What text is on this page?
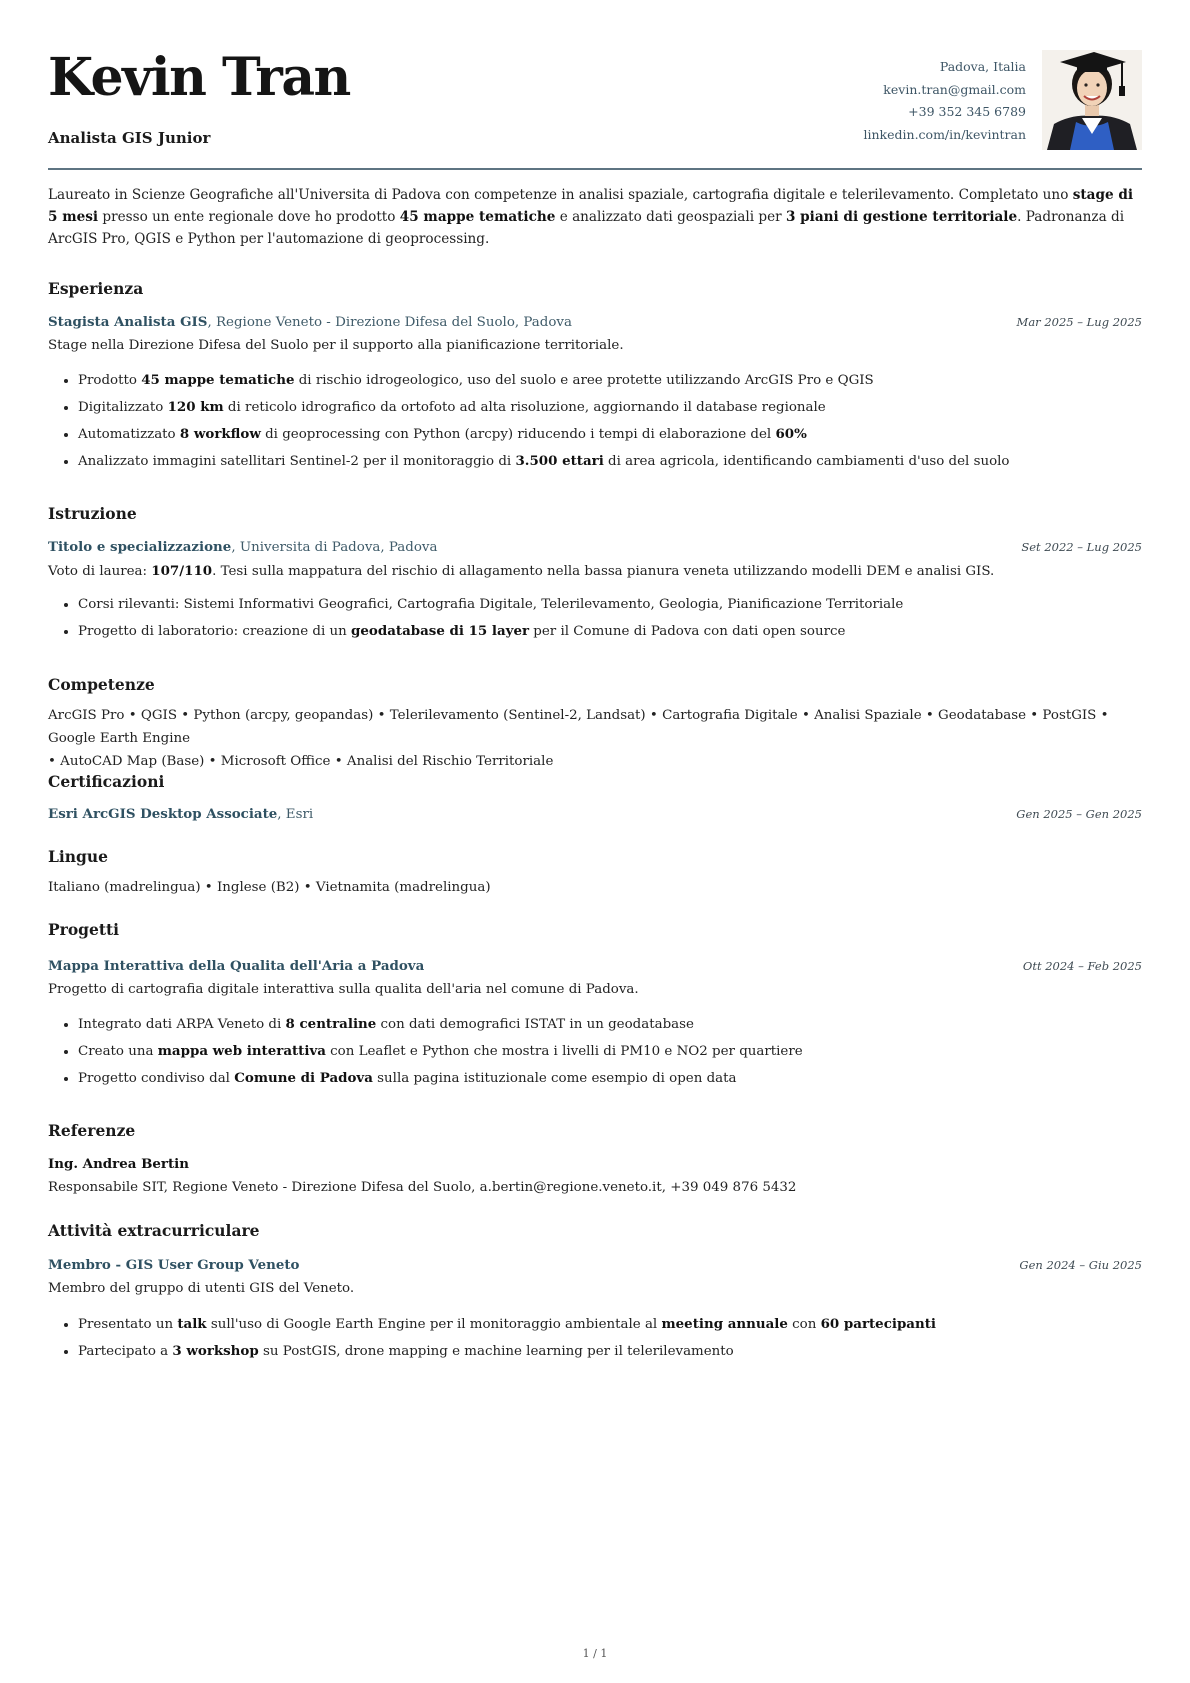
Kevin Tran
Analista GIS Junior
Padova, Italia
kevin.tran@gmail.com
+39 352 345 6789
linkedin.com/in/kevintran
Laureato in Scienze Geografiche all'Universita di Padova con competenze in analisi spaziale, cartografia digitale e telerilevamento. Completato uno stage di 5 mesi presso un ente regionale dove ho prodotto 45 mappe tematiche e analizzato dati geospaziali per 3 piani di gestione territoriale. Padronanza di ArcGIS Pro, QGIS e Python per l'automazione di geoprocessing.
Esperienza
Stagista Analista GIS, Regione Veneto - Direzione Difesa del Suolo, Padova	Mar 2025 – Lug 2025
Stage nella Direzione Difesa del Suolo per il supporto alla pianificazione territoriale.
• Prodotto 45 mappe tematiche di rischio idrogeologico, uso del suolo e aree protette utilizzando ArcGIS Pro e QGIS
• Digitalizzato 120 km di reticolo idrografico da ortofoto ad alta risoluzione, aggiornando il database regionale
• Automatizzato 8 workflow di geoprocessing con Python (arcpy) riducendo i tempi di elaborazione del 60%
• Analizzato immagini satellitari Sentinel-2 per il monitoraggio di 3.500 ettari di area agricola, identificando cambiamenti d'uso del suolo
Istruzione
Titolo e specializzazione, Universita di Padova, Padova	Set 2022 – Lug 2025
Voto di laurea: 107/110. Tesi sulla mappatura del rischio di allagamento nella bassa pianura veneta utilizzando modelli DEM e analisi GIS.
• Corsi rilevanti: Sistemi Informativi Geografici, Cartografia Digitale, Telerilevamento, Geologia, Pianificazione Territoriale
• Progetto di laboratorio: creazione di un geodatabase di 15 layer per il Comune di Padova con dati open source
Competenze
ArcGIS Pro • QGIS • Python (arcpy, geopandas) • Telerilevamento (Sentinel-2, Landsat) • Cartografia Digitale • Analisi Spaziale • Geodatabase • PostGIS • Google Earth Engine
• AutoCAD Map (Base) • Microsoft Office • Analisi del Rischio Territoriale
Certificazioni
Esri ArcGIS Desktop Associate, Esri	Gen 2025 – Gen 2025
Lingue
Italiano (madrelingua) • Inglese (B2) • Vietnamita (madrelingua)
Progetti
Mappa Interattiva della Qualita dell'Aria a Padova	Ott 2024 – Feb 2025
Progetto di cartografia digitale interattiva sulla qualita dell'aria nel comune di Padova.
• Integrato dati ARPA Veneto di 8 centraline con dati demografici ISTAT in un geodatabase
• Creato una mappa web interattiva con Leaflet e Python che mostra i livelli di PM10 e NO2 per quartiere
• Progetto condiviso dal Comune di Padova sulla pagina istituzionale come esempio di open data
Referenze
Ing. Andrea Bertin
Responsabile SIT, Regione Veneto - Direzione Difesa del Suolo, a.bertin@regione.veneto.it, +39 049 876 5432
Attività extracurriculare
Membro - GIS User Group Veneto	Gen 2024 – Giu 2025
Membro del gruppo di utenti GIS del Veneto.
• Presentato un talk sull'uso di Google Earth Engine per il monitoraggio ambientale al meeting annuale con 60 partecipanti
• Partecipato a 3 workshop su PostGIS, drone mapping e machine learning per il telerilevamento
1 / 1
